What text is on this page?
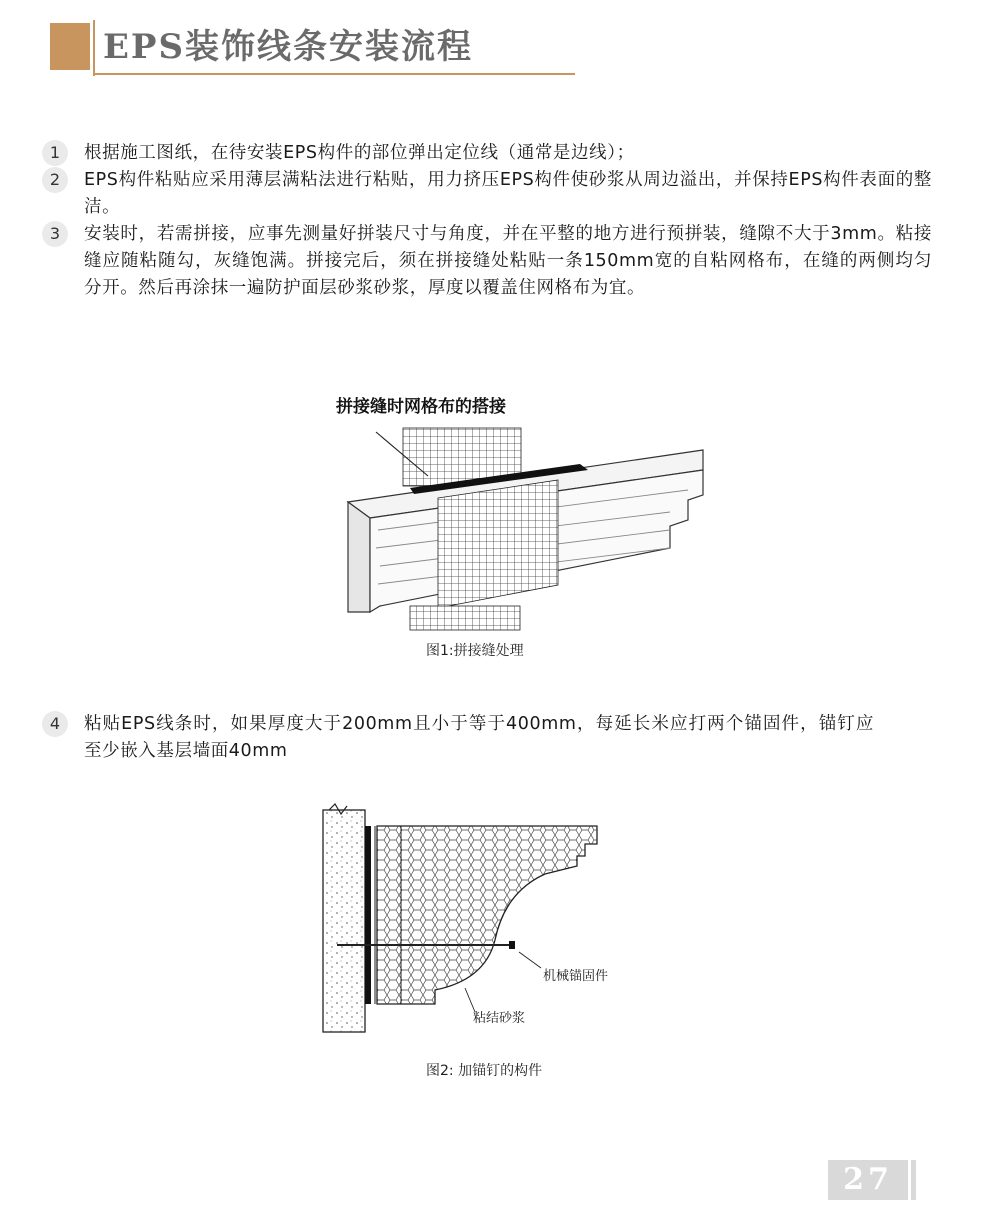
EPS装饰线条安装流程
1	根据施工图纸，在待安装EPS构件的部位弹出定位线（通常是边线）；
2	EPS构件粘贴应采用薄层满粘法进行粘贴，用力挤压EPS构件使砂浆从周边溢出，并保持EPS构件表面的整洁。
3	安装时，若需拼接，应事先测量好拼装尺寸与角度，并在平整的地方进行预拼装，缝隙不大于3mm。粘接缝应随粘随勾，灰缝饱满。拼接完后，须在拼接缝处粘贴一条150mm宽的自粘网格布，在缝的两侧均匀分开。然后再涂抹一遍防护面层砂浆砂浆，厚度以覆盖住网格布为宜。
拼接缝时网格布的搭接
图1:拼接缝处理
4	粘贴EPS线条时，如果厚度大于200mm且小于等于400mm，每延长米应打两个锚固件，锚钉应至少嵌入基层墙面40mm
机械锚固件
粘结砂浆
图2: 加锚钉的构件
27
